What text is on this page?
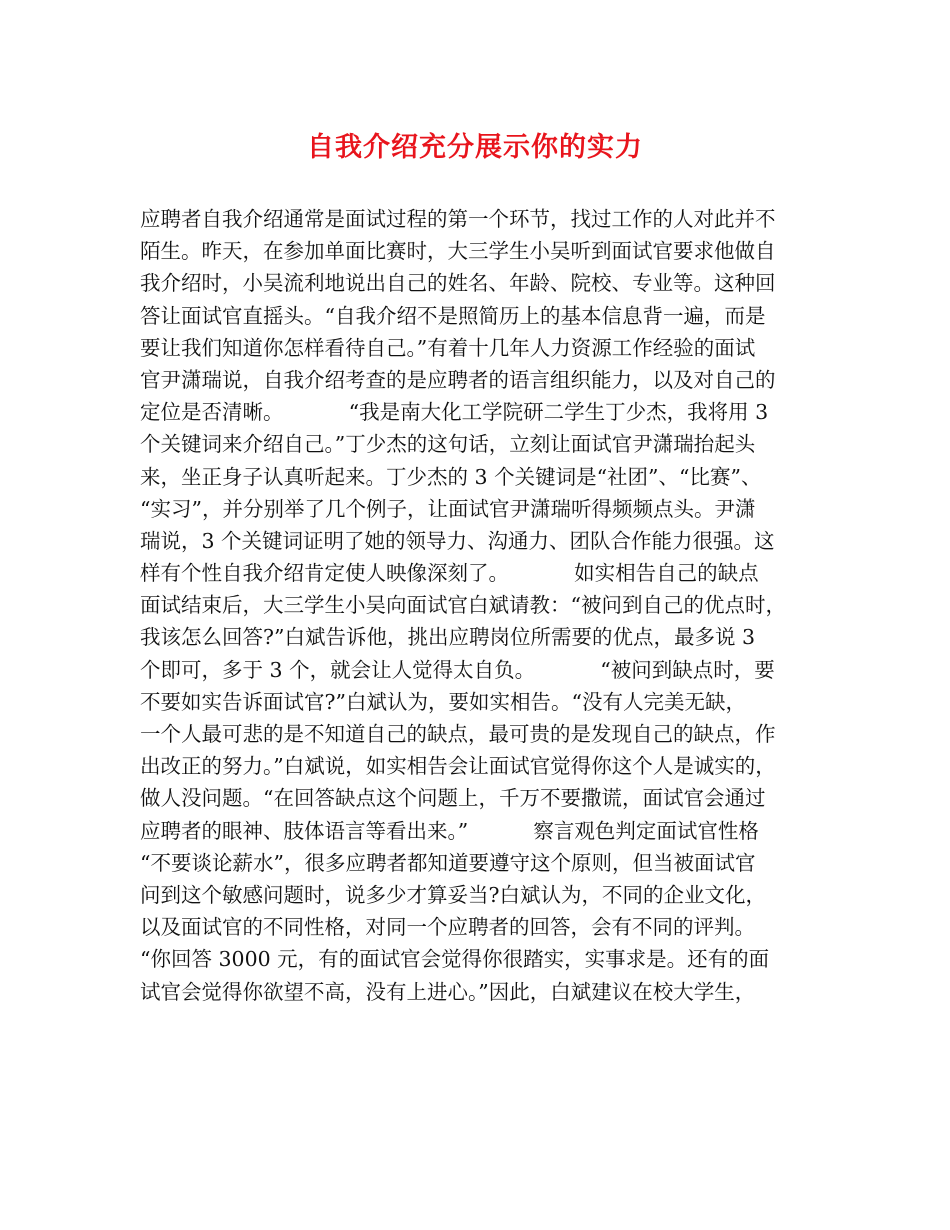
自我介绍充分展示你的实力
应聘者自我介绍通常是面试过程的第一个环节，找过工作的人对此并不
陌生。昨天，在参加单面比赛时，大三学生小吴听到面试官要求他做自
我介绍时，小吴流利地说出自己的姓名、年龄、院校、专业等。这种回
答让面试官直摇头。“自我介绍不是照简历上的基本信息背一遍，而是
要让我们知道你怎样看待自己。”有着十几年人力资源工作经验的面试
官尹潇瑞说，自我介绍考查的是应聘者的语言组织能力，以及对自己的
定位是否清晰。          “我是南大化工学院研二学生丁少杰，我将用 3
个关键词来介绍自己。”丁少杰的这句话，立刻让面试官尹潇瑞抬起头
来，坐正身子认真听起来。丁少杰的 3 个关键词是“社团”、“比赛”、
“实习”，并分别举了几个例子，让面试官尹潇瑞听得频频点头。尹潇
瑞说，3 个关键词证明了她的领导力、沟通力、团队合作能力很强。这
样有个性自我介绍肯定使人映像深刻了。          如实相告自己的缺点
面试结束后，大三学生小吴向面试官白斌请教：“被问到自己的优点时，
我该怎么回答?”白斌告诉他，挑出应聘岗位所需要的优点，最多说 3
个即可，多于 3 个，就会让人觉得太自负。          “被问到缺点时，要
不要如实告诉面试官?”白斌认为，要如实相告。“没有人完美无缺，
一个人最可悲的是不知道自己的缺点，最可贵的是发现自己的缺点，作
出改正的努力。”白斌说，如实相告会让面试官觉得你这个人是诚实的，
做人没问题。“在回答缺点这个问题上，千万不要撒谎，面试官会通过
应聘者的眼神、肢体语言等看出来。”          察言观色判定面试官性格
“不要谈论薪水”，很多应聘者都知道要遵守这个原则，但当被面试官
问到这个敏感问题时，说多少才算妥当?白斌认为，不同的企业文化，
以及面试官的不同性格，对同一个应聘者的回答，会有不同的评判。
“你回答 3000 元，有的面试官会觉得你很踏实，实事求是。还有的面
试官会觉得你欲望不高，没有上进心。”因此，白斌建议在校大学生，
